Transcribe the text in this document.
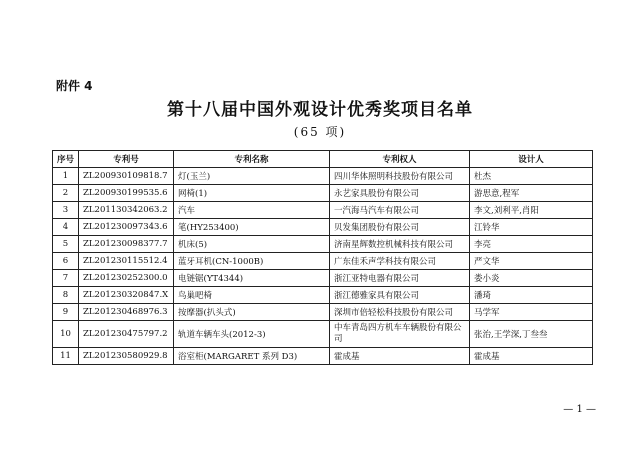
附件 4
第十八届中国外观设计优秀奖项目名单
(65 项)
序号	专利号	专利名称	专利权人	设计人
1	ZL200930109818.7	灯(玉兰)	四川华体照明科技股份有限公司	杜杰
2	ZL200930199535.6	网椅(1)	永艺家具股份有限公司	游思意,程军
3	ZL201130342063.2	汽车	一汽海马汽车有限公司	李文,刘利平,肖阳
4	ZL201230097343.6	笔(HY253400)	贝发集团股份有限公司	江铃华
5	ZL201230098377.7	机床(5)	济南星辉数控机械科技有限公司	李亮
6	ZL201230115512.4	蓝牙耳机(CN-1000B)	广东佳禾声学科技有限公司	严文华
7	ZL201230252300.0	电链锯(YT4344)	浙江亚特电器有限公司	娄小炎
8	ZL201230320847.X	鸟巢吧椅	浙江德雅家具有限公司	潘琦
9	ZL201230468976.3	按摩器(扒头式)	深圳市倍轻松科技股份有限公司	马学军
10	ZL201230475797.2	轨道车辆车头(2012-3)	中车青岛四方机车车辆股份有限公司	张治,王学深,丁叁叁
11	ZL201230580929.8	浴室柜(MARGARET 系列 D3)	霍成基	霍成基
— 1 —
